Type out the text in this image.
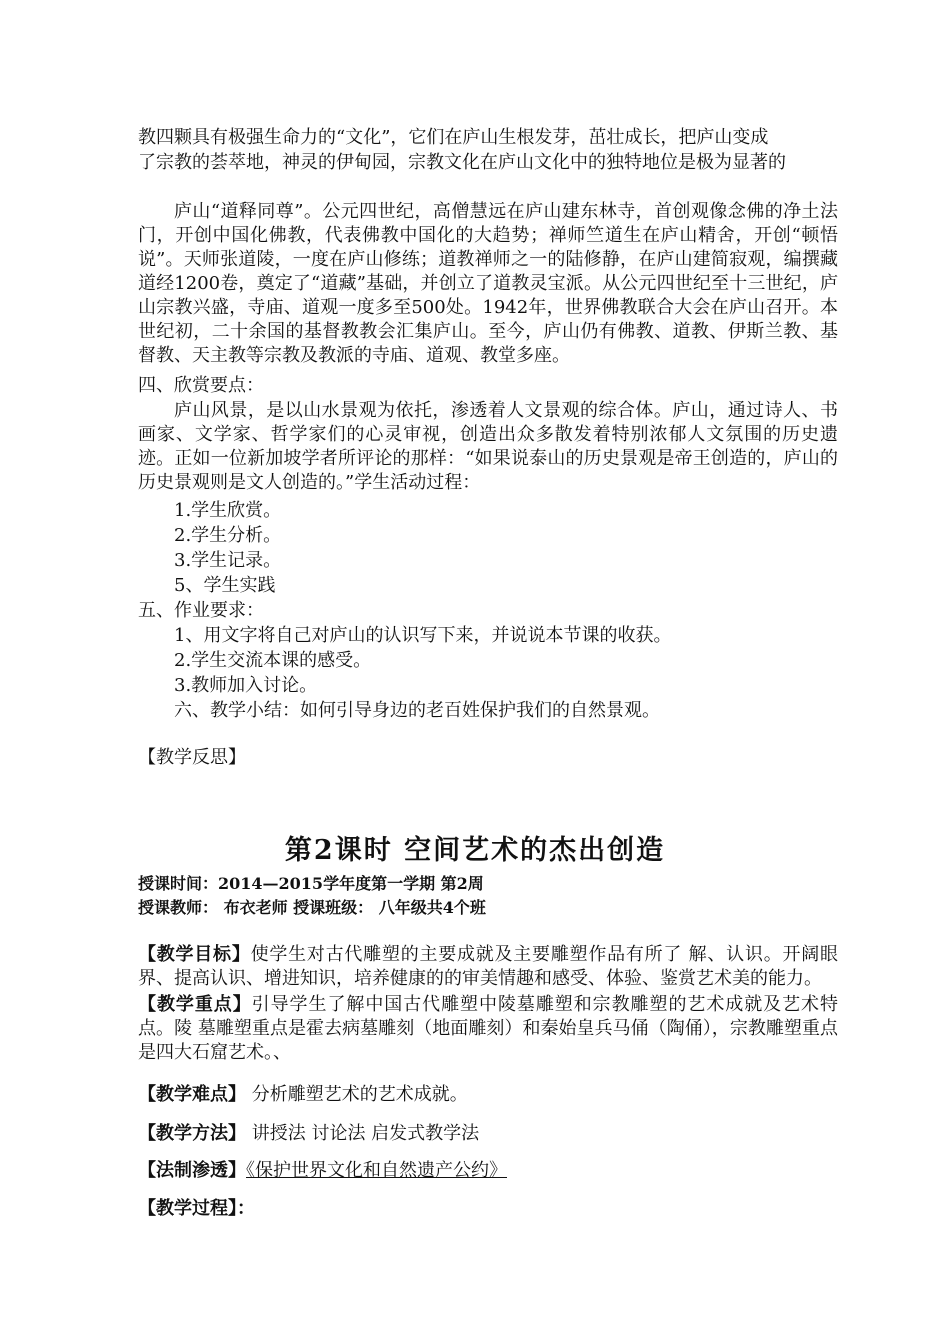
教四颗具有极强生命力的“文化”，它们在庐山生根发芽，茁壮成长，把庐山变成
了宗教的荟萃地，神灵的伊甸园，宗教文化在庐山文化中的独特地位是极为显著的
庐山“道释同尊”。公元四世纪，高僧慧远在庐山建东林寺，首创观像念佛的净土法门，开创中国化佛教，代表佛教中国化的大趋势；禅师竺道生在庐山精舍，开创“顿悟说”。天师张道陵，一度在庐山修练；道教禅师之一的陆修静，在庐山建简寂观，编撰藏道经1200卷，奠定了“道藏”基础，并创立了道教灵宝派。从公元四世纪至十三世纪，庐山宗教兴盛，寺庙、道观一度多至500处。1942年，世界佛教联合大会在庐山召开。本世纪初，二十余国的基督教教会汇集庐山。至今，庐山仍有佛教、道教、伊斯兰教、基督教、天主教等宗教及教派的寺庙、道观、教堂多座。
四、欣赏要点：
庐山风景，是以山水景观为依托，渗透着人文景观的综合体。庐山，通过诗人、书画家、文学家、哲学家们的心灵审视，创造出众多散发着特别浓郁人文氛围的历史遗迹。正如一位新加坡学者所评论的那样：“如果说泰山的历史景观是帝王创造的，庐山的历史景观则是文人创造的。”学生活动过程：
1.学生欣赏。
2.学生分析。
3.学生记录。
5、学生实践
五、作业要求：
1、用文字将自己对庐山的认识写下来，并说说本节课的收获。
2.学生交流本课的感受。
3.教师加入讨论。
六、教学小结：如何引导身边的老百姓保护我们的自然景观。
【教学反思】
第2课时 空间艺术的杰出创造
授课时间：2014—2015学年度第一学期 第2周
授课教师： 布衣老师 授课班级： 八年级共4个班
【教学目标】使学生对古代雕塑的主要成就及主要雕塑作品有所了 解、认识。开阔眼界、提高认识、增进知识，培养健康的的审美情趣和感受、体验、鉴赏艺术美的能力。
【教学重点】引导学生了解中国古代雕塑中陵墓雕塑和宗教雕塑的艺术成就及艺术特点。陵 墓雕塑重点是霍去病墓雕刻（地面雕刻）和秦始皇兵马俑（陶俑），宗教雕塑重点是四大石窟艺术。、
【教学难点】 分析雕塑艺术的艺术成就。
【教学方法】 讲授法 讨论法 启发式教学法
【法制渗透】《保护世界文化和自然遗产公约》
【教学过程】：
